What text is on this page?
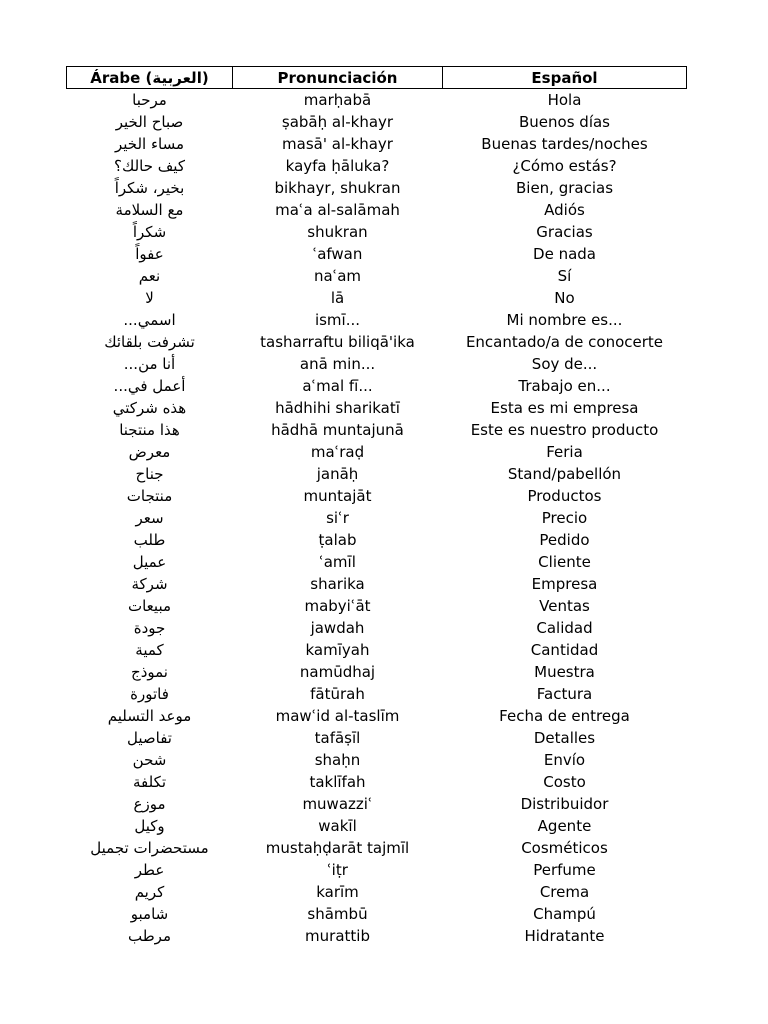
Árabe (العربية)	Pronunciación	Español
مرحبا	marḥabā	Hola
صباح الخير	ṣabāḥ al-khayr	Buenos días
مساء الخير	masā' al-khayr	Buenas tardes/noches
كيف حالك؟	kayfa ḥāluka?	¿Cómo estás?
بخير، شكراً	bikhayr, shukran	Bien, gracias
مع السلامة	maʿa al-salāmah	Adiós
شكراً	shukran	Gracias
عفواً	ʿafwan	De nada
نعم	naʿam	Sí
لا	lā	No
اسمي...	ismī...	Mi nombre es...
تشرفت بلقائك	tasharraftu biliqā'ika	Encantado/a de conocerte
أنا من...	anā min...	Soy de...
أعمل في...	aʿmal fī...	Trabajo en...
هذه شركتي	hādhihi sharikatī	Esta es mi empresa
هذا منتجنا	hādhā muntajunā	Este es nuestro producto
معرض	maʿraḍ	Feria
جناح	janāḥ	Stand/pabellón
منتجات	muntajāt	Productos
سعر	siʿr	Precio
طلب	ṭalab	Pedido
عميل	ʿamīl	Cliente
شركة	sharika	Empresa
مبيعات	mabyiʿāt	Ventas
جودة	jawdah	Calidad
كمية	kamīyah	Cantidad
نموذج	namūdhaj	Muestra
فاتورة	fātūrah	Factura
موعد التسليم	mawʿid al-taslīm	Fecha de entrega
تفاصيل	tafāṣīl	Detalles
شحن	shaḥn	Envío
تكلفة	taklīfah	Costo
موزع	muwazziʿ	Distribuidor
وكيل	wakīl	Agente
مستحضرات تجميل	mustaḥḍarāt tajmīl	Cosméticos
عطر	ʿiṭr	Perfume
كريم	karīm	Crema
شامبو	shāmbū	Champú
مرطب	murattib	Hidratante
